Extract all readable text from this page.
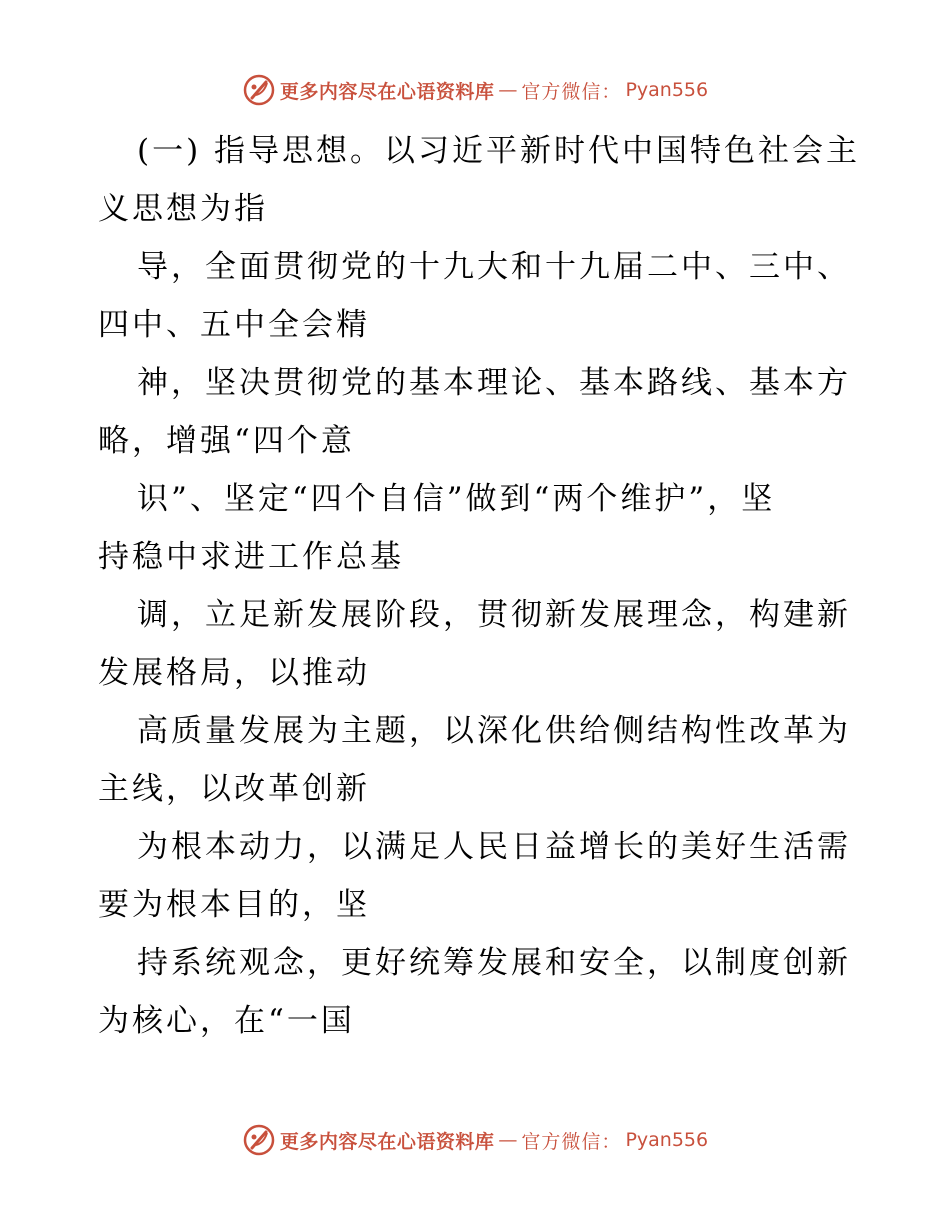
更多内容尽在心语资料库 — 官方微信： Pyan556
(一) 指导思想。以习近平新时代中国特色社会主
义思想为指
导，全面贯彻党的十九大和十九届二中、三中、
四中、五中全会精
神，坚决贯彻党的基本理论、基本路线、基本方
略，增强“四个意
识”、坚定“四个自信”做到“两个维护”，坚
持稳中求进工作总基
调，立足新发展阶段，贯彻新发展理念，构建新
发展格局，以推动
高质量发展为主题，以深化供给侧结构性改革为
主线，以改革创新
为根本动力，以满足人民日益增长的美好生活需
要为根本目的，坚
持系统观念，更好统筹发展和安全，以制度创新
为核心，在“一国
更多内容尽在心语资料库 — 官方微信： Pyan556
